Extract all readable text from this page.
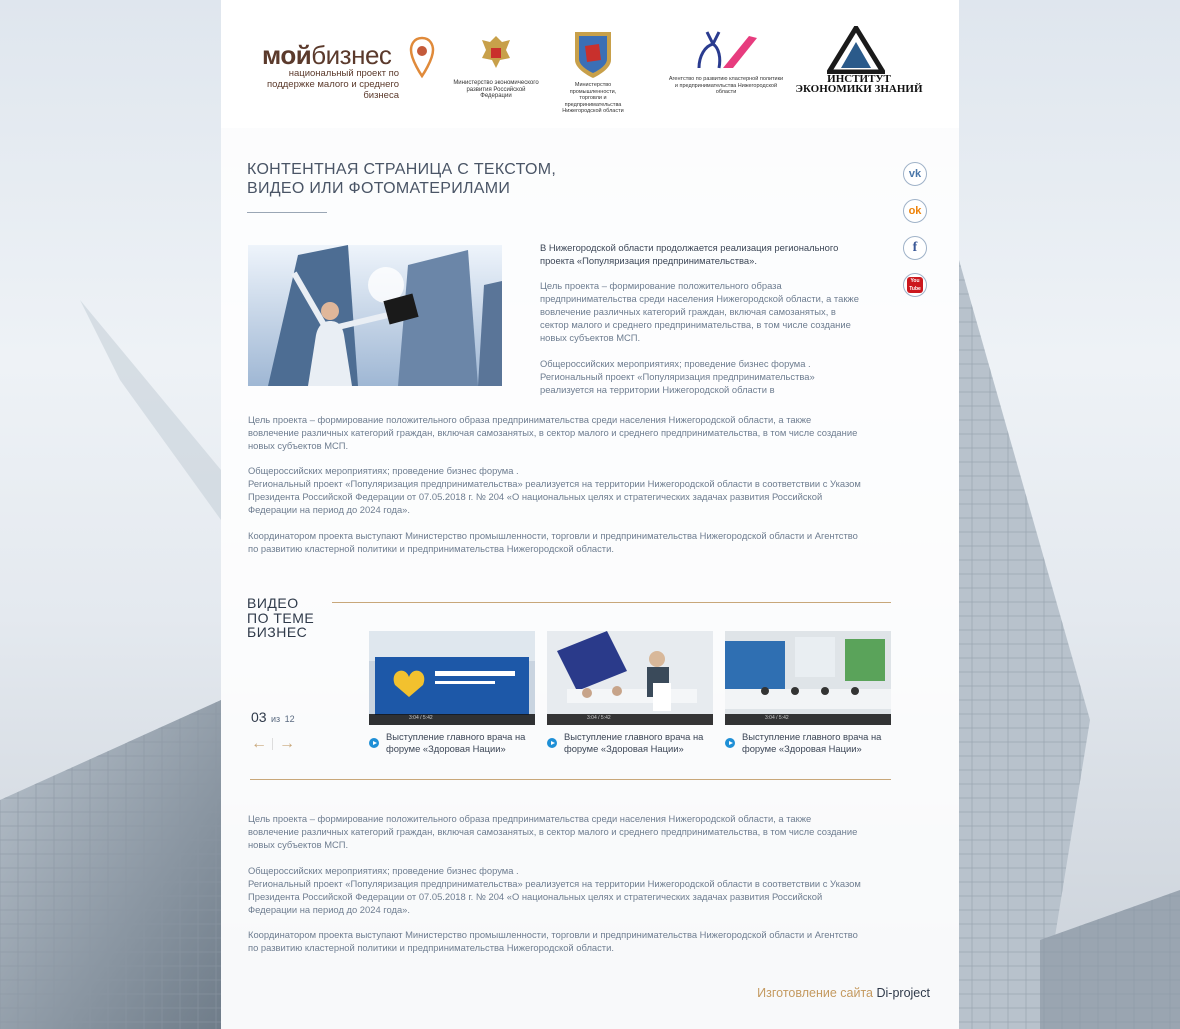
мойбизнес
национальный проект по поддержке малого и среднего бизнеса
Министерство экономического развития Российской Федерации
Министерство промышленности, торговли и предпринимательства Нижегородской области
Агентство по развитию кластерной политики и предпринимательства Нижегородской области
ИНСТИТУТ ЭКОНОМИКИ ЗНАНИЙ
КОНТЕНТНАЯ СТРАНИЦА С ТЕКСТОМ, ВИДЕО ИЛИ ФОТОМАТЕРИЛАМИ
vk
ok
f
You
Tube
В Нижегородской области продолжается реализация регионального проекта «Популяризация предпринимательства».
Цель проекта – формирование положительного образа предпринимательства среди населения Нижегородской области, а также вовлечение различных категорий граждан, включая самозанятых, в сектор малого и среднего предпринимательства, в том числе создание новых субъектов МСП.
Общероссийских мероприятиях; проведение бизнес форума . Региональный проект «Популяризация предпринимательства» реализуется на территории Нижегородской области в
Цель проекта – формирование положительного образа предпринимательства среди населения Нижегородской области, а также вовлечение различных категорий граждан, включая самозанятых, в сектор малого и среднего предпринимательства, в том числе создание новых субъектов МСП.
Общероссийских мероприятиях; проведение бизнес форума .
Региональный проект «Популяризация предпринимательства» реализуется на территории Нижегородской области в соответствии с Указом Президента Российской Федерации от 07.05.2018 г. № 204 «О национальных целях и стратегических задачах развития Российской Федерации на период до 2024 года».
Координатором проекта выступают Министерство промышленности, торговли и предпринимательства Нижегородской области и Агентство по развитию кластерной политики и предпринимательства Нижегородской области.
ВИДЕО
ПО ТЕМЕ
БИЗНЕС
03 из 12
← →
3:04 / 5:42
Выступление главного врача на форуме «Здоровая Нации»
3:04 / 5:42
Выступление главного врача на форуме «Здоровая Нации»
3:04 / 5:42
Выступление главного врача на форуме «Здоровая Нации»
Цель проекта – формирование положительного образа предпринимательства среди населения Нижегородской области, а также вовлечение различных категорий граждан, включая самозанятых, в сектор малого и среднего предпринимательства, в том числе создание новых субъектов МСП.
Общероссийских мероприятиях; проведение бизнес форума .
Региональный проект «Популяризация предпринимательства» реализуется на территории Нижегородской области в соответствии с Указом Президента Российской Федерации от 07.05.2018 г. № 204 «О национальных целях и стратегических задачах развития Российской Федерации на период до 2024 года».
Координатором проекта выступают Министерство промышленности, торговли и предпринимательства Нижегородской области и Агентство по развитию кластерной политики и предпринимательства Нижегородской области.
Изготовление сайта Di-project
